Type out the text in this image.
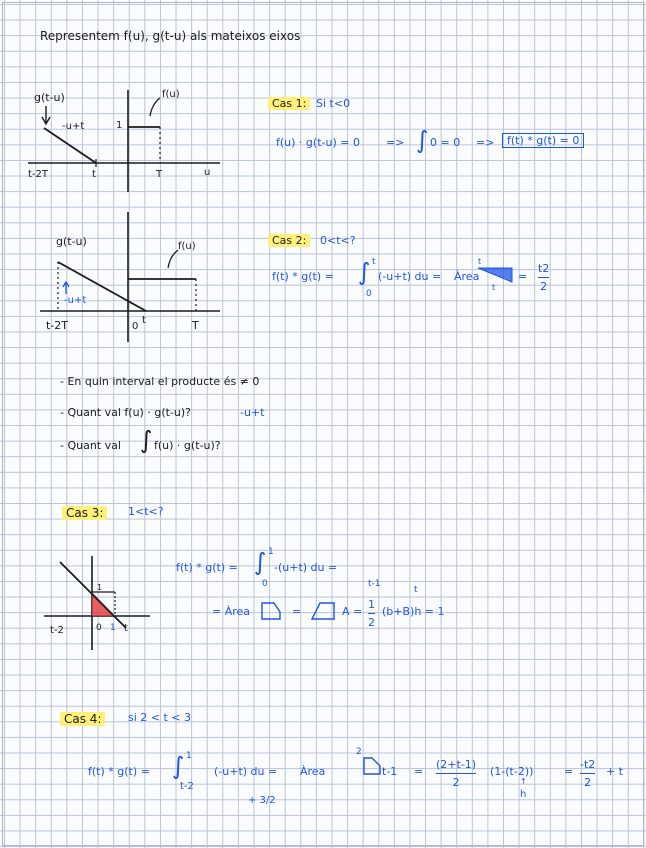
Representem f(u), g(t-u) als mateixos eixos
g(t-u)	f(u)
-u+t	1
t-2T	t	T	u
Cas 1: Si t<0
f(u) · g(t-u) = 0 => ∫ 0 = 0 =>	f(t) * g(t) = 0
g(t-u)	f(u)
-u+t
t-2T	0
t	T
Cas 2:	0<t<?
f(t) * g(t) = ∫ t
0
(-u+t) du = Àrea
t
t
=
t2
2
- En quin interval el producte és ≠ 0
- Quant val f(u) · g(t-u)?	-u+t
- Quant val ∫ f(u) · g(t-u)?
Cas 3:	1<t<?
1
t-2	0 1 t
f(t) * g(t) = ∫ 1
0
-(u+t) du =
= Àrea	=	A =
1
2
(b+B)h = 1
t-1
t
Cas 4:	si 2 < t < 3
f(t) * g(t) = ∫ 1
t-2
(-u+t) du = Àrea
2
t-1 =
(2+t-1)
2
(1-(t-2))
↑
h
=
-t2
2
+ t
+ 3/2
